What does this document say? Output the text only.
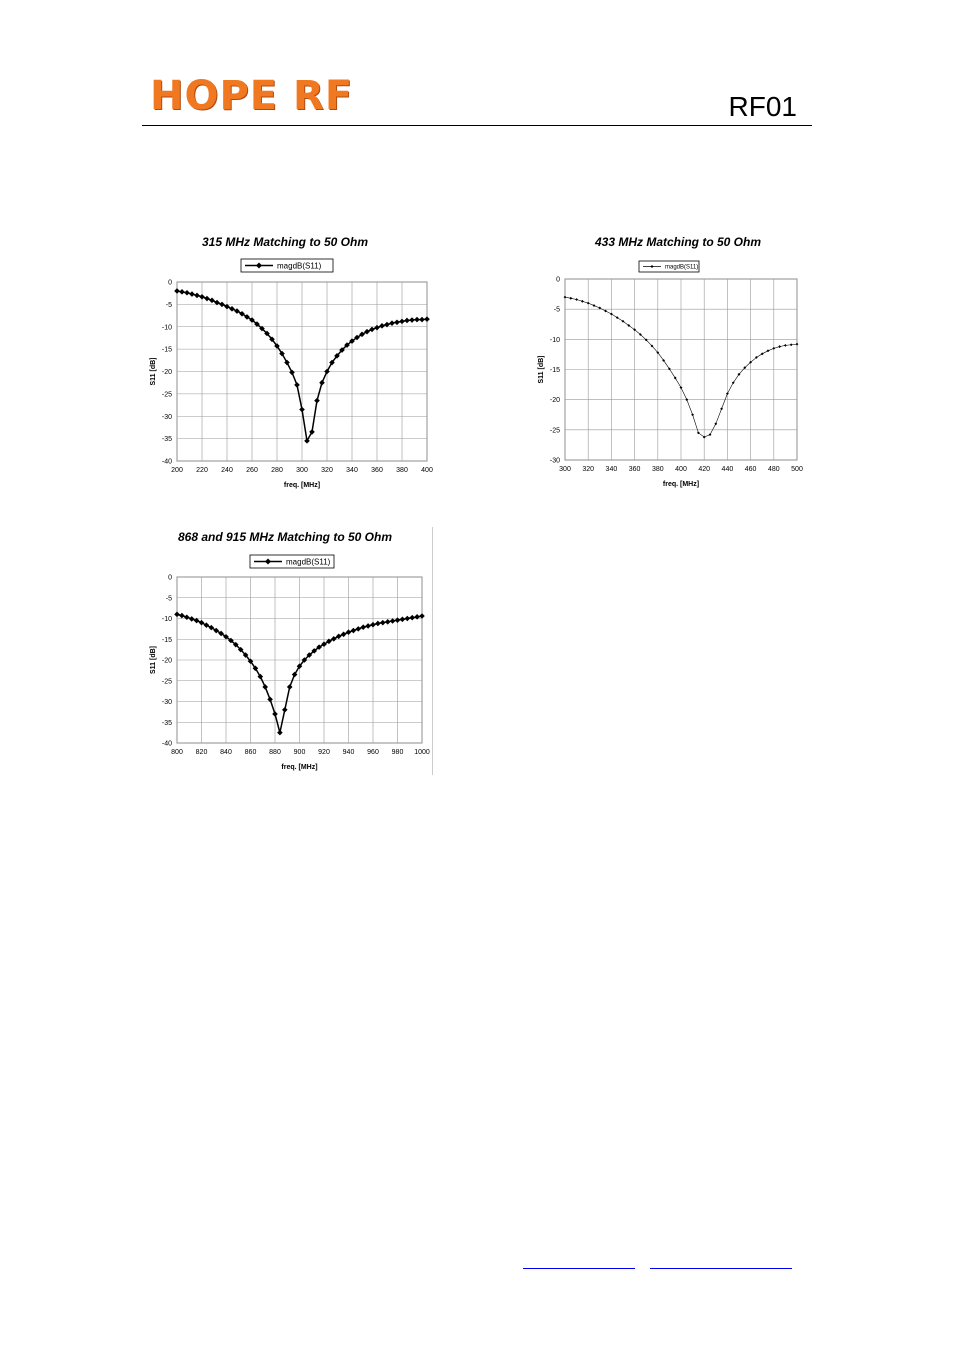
HOPE RF	RF01
315 MHz Matching to 50 Ohm
200 220 240 260 280 300 320 340 360 380 400
0
-5
-10
-15
-20
-25
-30
-35
-40
freq. [MHz]
S11 [dB]
magdB(S11)
433 MHz Matching to 50 Ohm
300 320 340 360 380 400 420 440 460 480 500
0
-5
-10
-15
-20
-25
-30
freq. [MHz]
S11 [dB]
magdB(S11)
868 and 915 MHz Matching to 50 Ohm
800 820 840 860 880 900 920 940 960 980 1000
0
-5
-10
-15
-20
-25
-30
-35
-40
freq. [MHz]
S11 [dB]
magdB(S11)
